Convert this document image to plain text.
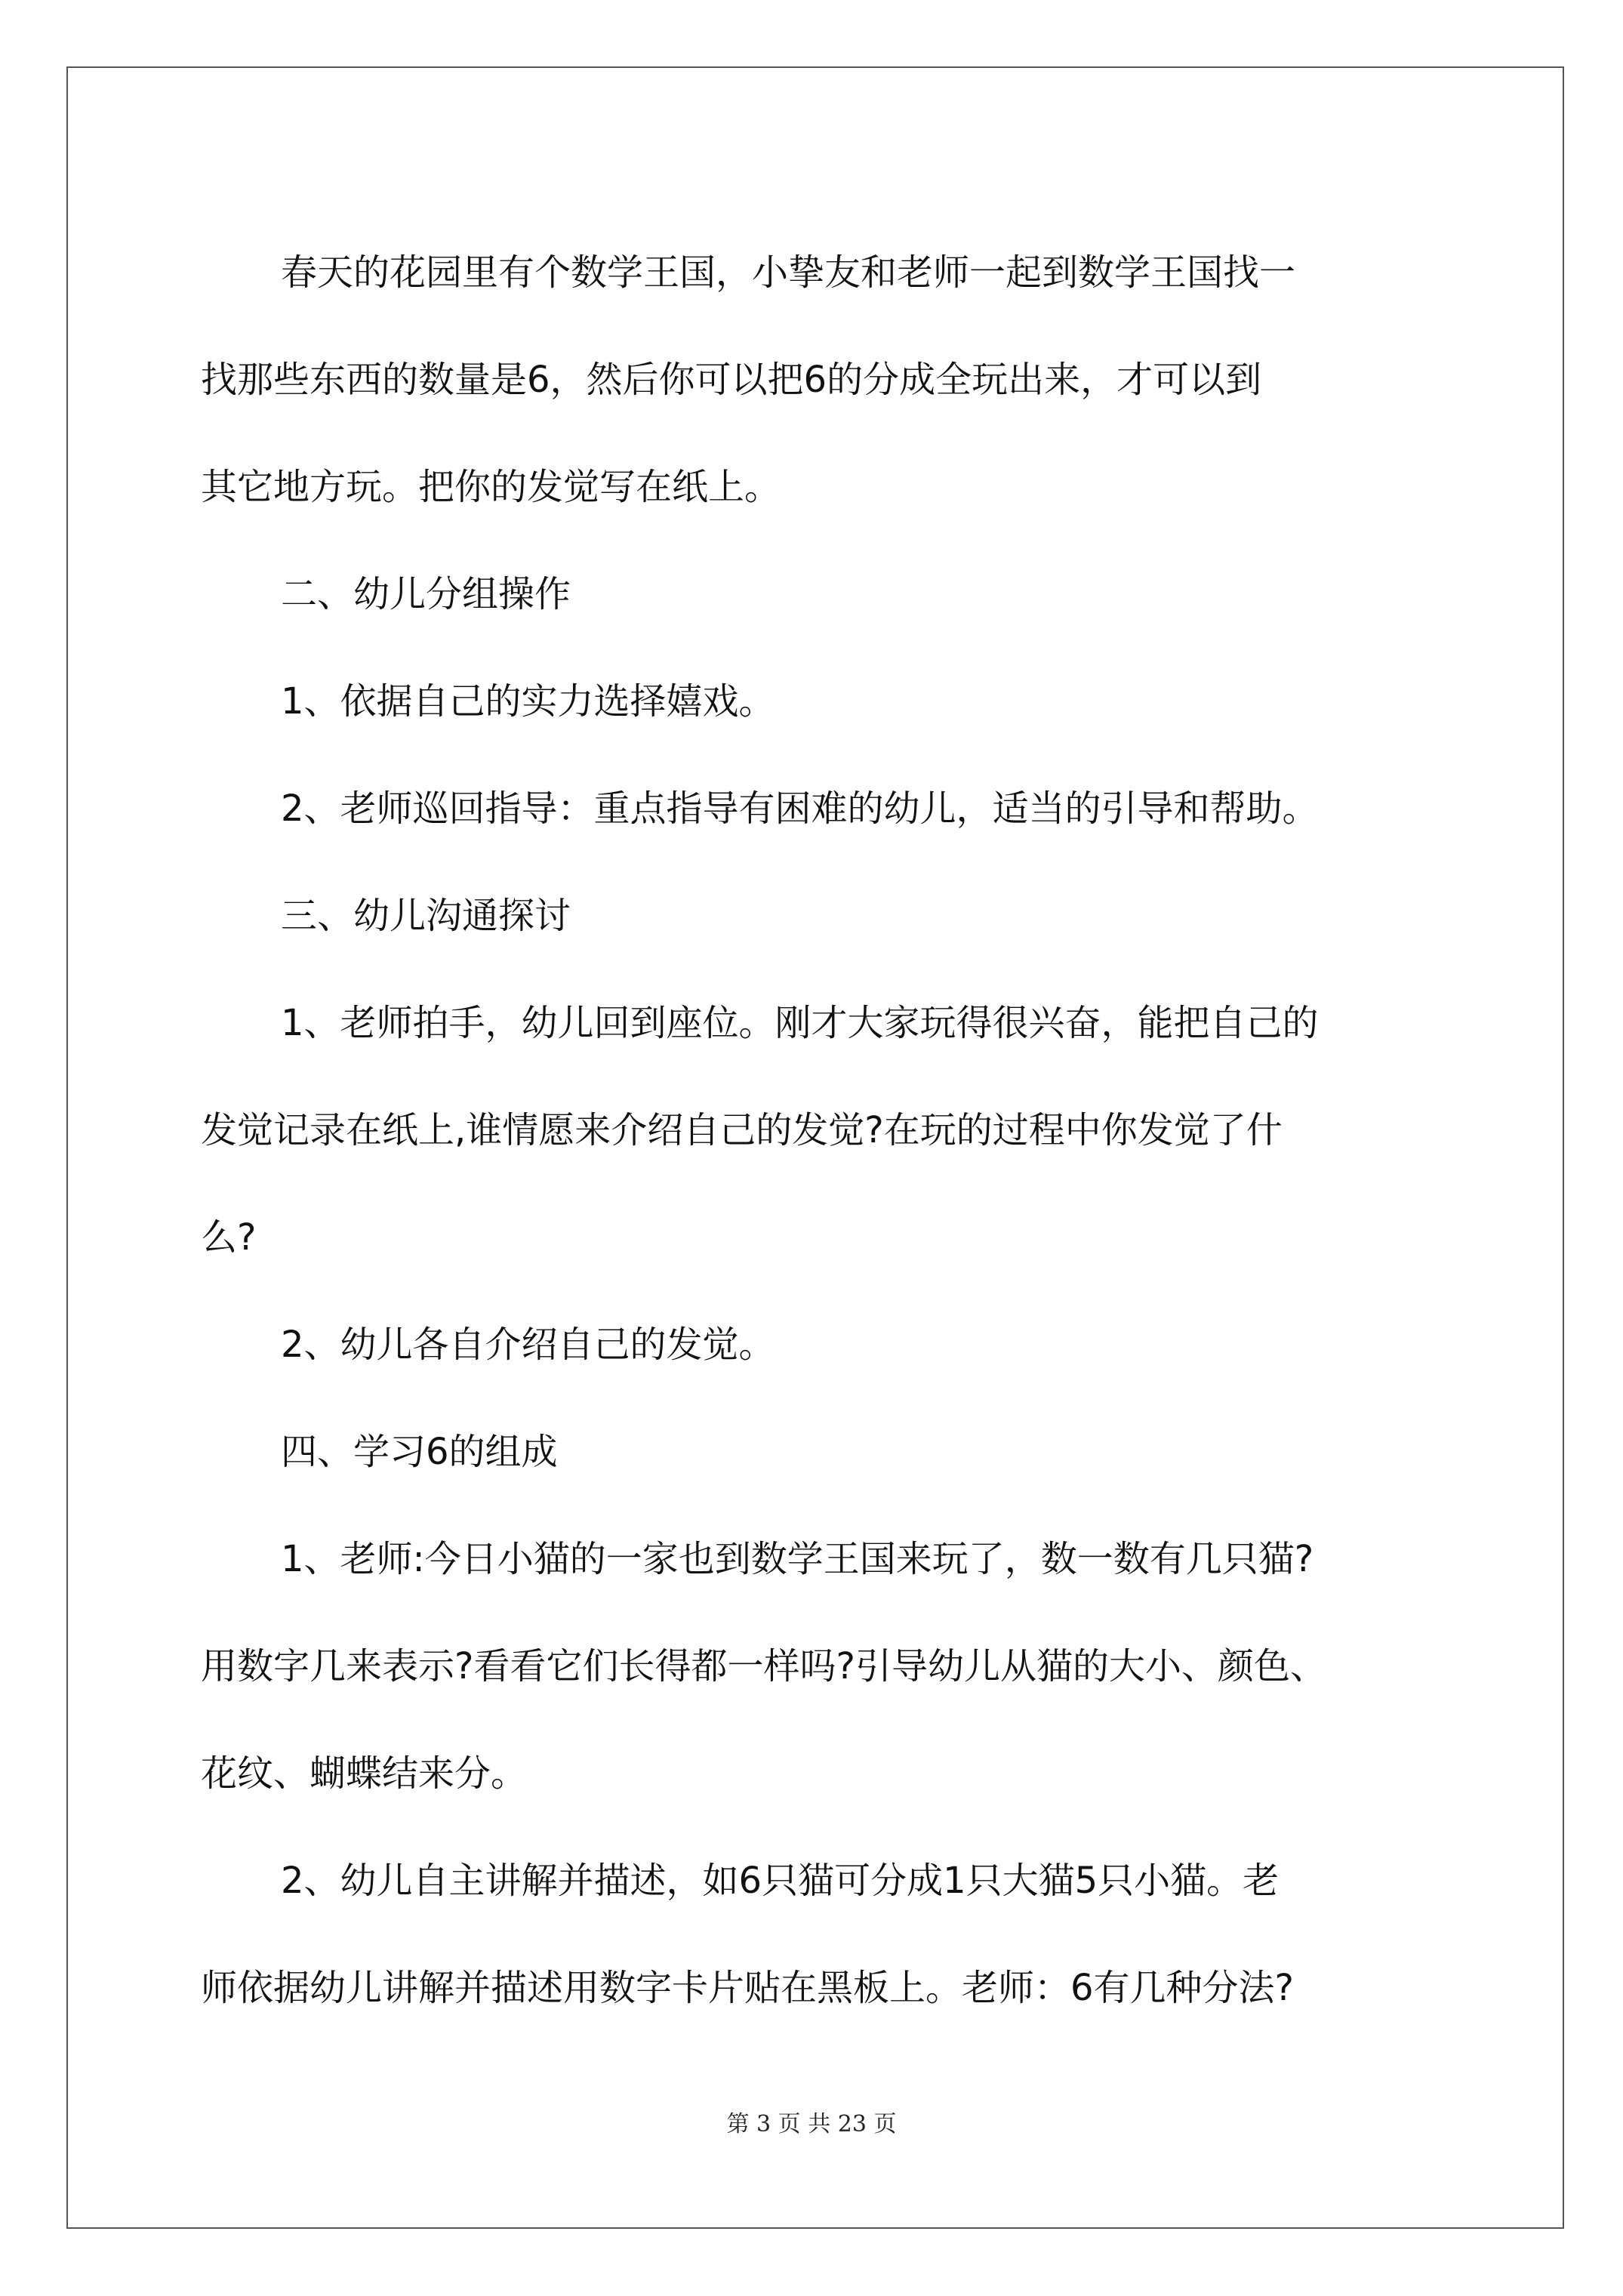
春天的花园里有个数学王国，小挚友和老师一起到数学王国找一

找那些东西的数量是6，然后你可以把6的分成全玩出来，才可以到

其它地方玩。把你的发觉写在纸上。

二、幼儿分组操作

1、依据自己的实力选择嬉戏。

2、老师巡回指导：重点指导有困难的幼儿，适当的引导和帮助。

三、幼儿沟通探讨

1、老师拍手，幼儿回到座位。刚才大家玩得很兴奋，能把自己的

发觉记录在纸上,谁情愿来介绍自己的发觉?在玩的过程中你发觉了什

么?

2、幼儿各自介绍自己的发觉。

四、学习6的组成

1、老师:今日小猫的一家也到数学王国来玩了，数一数有几只猫?

用数字几来表示?看看它们长得都一样吗?引导幼儿从猫的大小、颜色、

花纹、蝴蝶结来分。

2、幼儿自主讲解并描述，如6只猫可分成1只大猫5只小猫。老

师依据幼儿讲解并描述用数字卡片贴在黑板上。老师：6有几种分法?

第 3 页 共 23 页
